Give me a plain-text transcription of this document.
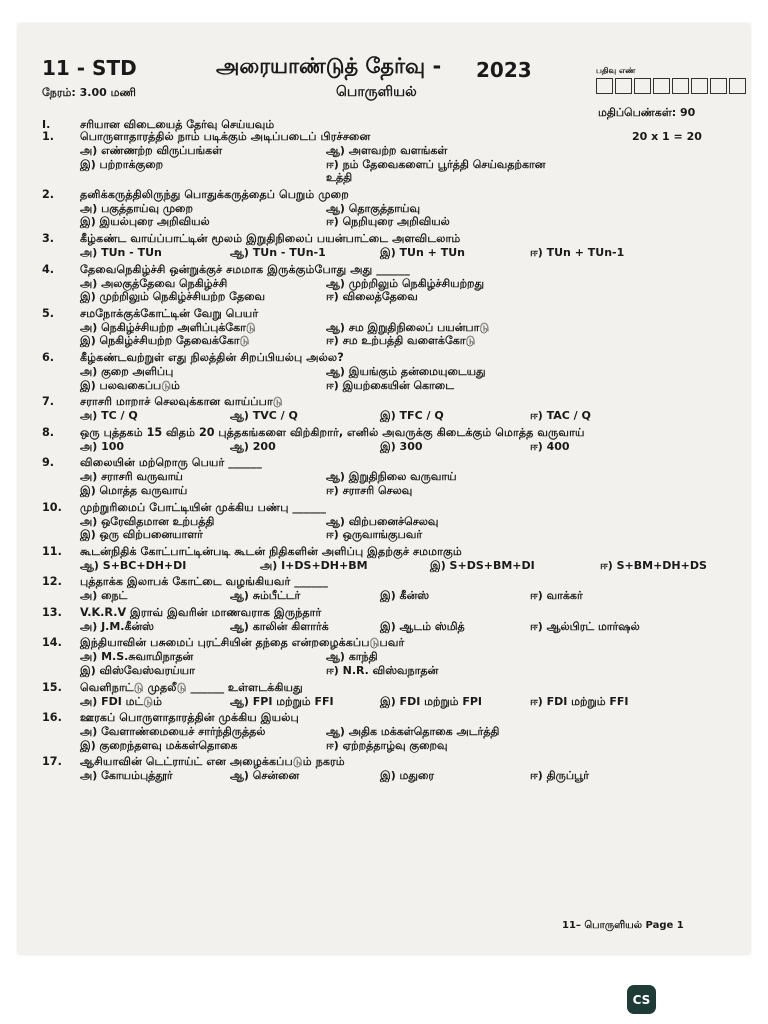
11 - STD	அரையாண்டுத் தேர்வு - 2023
நேரம்: 3.00 மணி	பொருளியல்
பதிவு எண்
மதிப்பெண்கள்: 90
I.	சரியான விடையைத் தேர்வு செய்யவும்
20 x 1 = 20
1.	பொருளாதாரத்தில் நாம் படிக்கும் அடிப்படைப் பிரச்சனை
அ) எண்ணற்ற விருப்பங்கள்	ஆ) அளவற்ற வளங்கள்
இ) பற்றாக்குறை	ஈ) நம் தேவைகளைப் பூர்த்தி செய்வதற்கான உத்தி
2.	தனிக்கருத்திலிருந்து பொதுக்கருத்தைப் பெறும் முறை
அ) பகுத்தாய்வு முறை	ஆ) தொகுத்தாய்வு
இ) இயல்புரை அறிவியல்	ஈ) நெறியுரை அறிவியல்
3.	கீழ்கண்ட வாய்ப்பாட்டின் மூலம் இறுதிநிலைப் பயன்பாட்டை அளவிடலாம்
அ) TUn - TUn	ஆ) TUn - TUn-1	இ) TUn + TUn	ஈ) TUn + TUn-1
4.	தேவைநெகிழ்ச்சி ஒன்றுக்குச் சமமாக இருக்கும்போது அது ______
அ) அலகுத்தேவை நெகிழ்ச்சி	ஆ) முற்றிலும் நெகிழ்ச்சியற்றது
இ) முற்றிலும் நெகிழ்ச்சியற்ற தேவை	ஈ) விலைத்தேவை
5.	சமநோக்குக்கோட்டின் வேறு பெயர்
அ) நெகிழ்ச்சியற்ற அளிப்புக்கோடு	ஆ) சம இறுதிநிலைப் பயன்பாடு
இ) நெகிழ்ச்சியற்ற தேவைக்கோடு	ஈ) சம உற்பத்தி வளைக்கோடு
6.	கீழ்கண்டவற்றுள் எது நிலத்தின் சிறப்பியல்பு அல்ல?
அ) குறை அளிப்பு	ஆ) இயங்கும் தன்மையுடையது
இ) பலவகைப்படும்	ஈ) இயற்கையின் கொடை
7.	சராசரி மாறாச் செலவுக்கான வாய்ப்பாடு
அ) TC / Q	ஆ) TVC / Q	இ) TFC / Q	ஈ) TAC / Q
8.	ஒரு புத்தகம் 15 விதம் 20 புத்தகங்களை விற்கிறார், எனில் அவருக்கு கிடைக்கும் மொத்த வருவாய்
அ) 100	ஆ) 200	இ) 300	ஈ) 400
9.	விலையின் மற்றொரு பெயர் ______
அ) சராசரி வருவாய்	ஆ) இறுதிநிலை வருவாய்
இ) மொத்த வருவாய்	ஈ) சராசரி செலவு
10.	முற்றுரிமைப் போட்டியின் முக்கிய பண்பு ______
அ) ஒரேவிதமான உற்பத்தி	ஆ) விற்பனைச்செலவு
இ) ஒரு விற்பனையாளர்	ஈ) ஒருவாங்குபவர்
11.	கூடன்நிதிக் கோட்பாட்டின்படி கூடன் நிதிகளின் அளிப்பு இதற்குச் சமமாகும்
ஆ) S+BC+DH+DI	அ) I+DS+DH+BM	இ) S+DS+BM+DI	ஈ) S+BM+DH+DS
12.	புத்தாக்க இலாபக் கோட்டை வழங்கியவர் ______
அ) நைட்	ஆ) சும்பீட்டர்	இ) கீன்ஸ்	ஈ) வாக்கர்
13.	V.K.R.V இராவ் இவரின் மாணவராக இருந்தார்
அ) J.M.கீன்ஸ்	ஆ) காலின் கிளார்க்	இ) ஆடம் ஸ்மித்	ஈ) ஆல்பிரட் மார்ஷல்
14.	இந்தியாவின் பசுமைப் புரட்சியின் தந்தை என்றழைக்கப்படுபவர்
அ) M.S.சுவாமிநாதன்	ஆ) காந்தி
இ) விஸ்வேஸ்வரய்யா	ஈ) N.R. விஸ்வநாதன்
15.	வெளிநாட்டு முதலீடு ______ உள்ளடக்கியது
அ) FDI மட்டும்	ஆ) FPI மற்றும் FFI	இ) FDI மற்றும் FPI	ஈ) FDI மற்றும் FFI
16.	ஊரகப் பொருளாதாரத்தின் முக்கிய இயல்பு
அ) வேளாண்மையைச் சார்ந்திருத்தல்	ஆ) அதிக மக்கள்தொகை அடர்த்தி
இ) குறைந்தளவு மக்கள்தொகை	ஈ) ஏற்றத்தாழ்வு குறைவு
17.	ஆசியாவின் டெட்ராய்ட் என அழைக்கப்படும் நகரம்
அ) கோயம்புத்தூர்	ஆ) சென்னை	இ) மதுரை	ஈ) திருப்பூர்
11– பொருளியல் Page 1
CS
